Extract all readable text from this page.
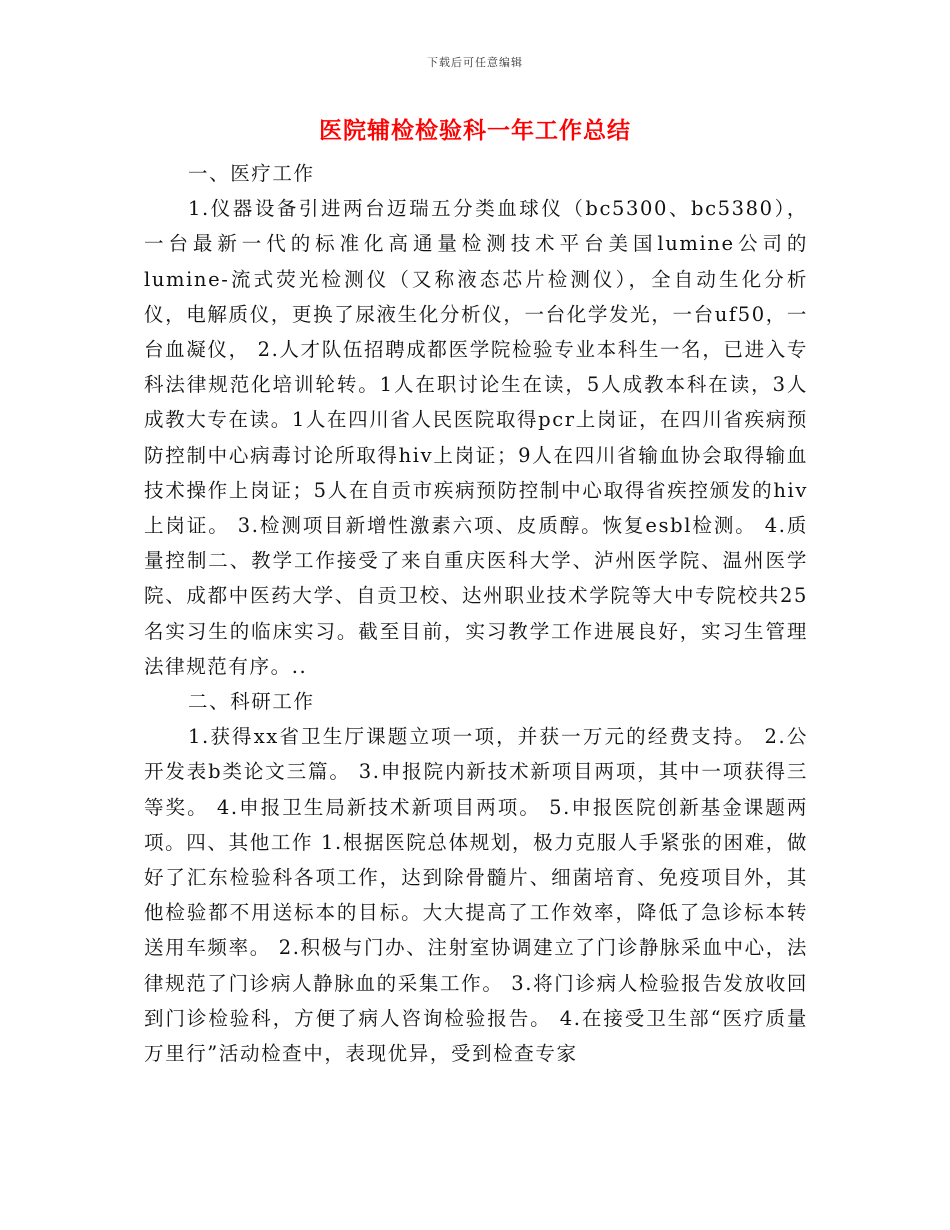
下载后可任意编辑
医院辅检检验科一年工作总结

一、医疗工作

1.仪器设备引进两台迈瑞五分类血球仪（bc5300、bc5380），一台最新一代的标准化高通量检测技术平台美国lumine公司的lumine-流式荧光检测仪（又称液态芯片检测仪），全自动生化分析仪，电解质仪，更换了尿液生化分析仪，一台化学发光，一台uf50，一台血凝仪， 2.人才队伍招聘成都医学院检验专业本科生一名，已进入专科法律规范化培训轮转。1人在职讨论生在读，5人成教本科在读，3人成教大专在读。1人在四川省人民医院取得pcr上岗证，在四川省疾病预防控制中心病毒讨论所取得hiv上岗证；9人在四川省输血协会取得输血技术操作上岗证；5人在自贡市疾病预防控制中心取得省疾控颁发的hiv上岗证。 3.检测项目新增性激素六项、皮质醇。恢复esbl检测。 4.质量控制二、教学工作接受了来自重庆医科大学、泸州医学院、温州医学院、成都中医药大学、自贡卫校、达州职业技术学院等大中专院校共25名实习生的临床实习。截至目前，实习教学工作进展良好，实习生管理法律规范有序。..

二、科研工作

1.获得xx省卫生厅课题立项一项，并获一万元的经费支持。 2.公开发表b类论文三篇。 3.申报院内新技术新项目两项，其中一项获得三等奖。 4.申报卫生局新技术新项目两项。 5.申报医院创新基金课题两项。四、其他工作 1.根据医院总体规划，极力克服人手紧张的困难，做好了汇东检验科各项工作，达到除骨髓片、细菌培育、免疫项目外，其他检验都不用送标本的目标。大大提高了工作效率，降低了急诊标本转送用车频率。 2.积极与门办、注射室协调建立了门诊静脉采血中心，法律规范了门诊病人静脉血的采集工作。 3.将门诊病人检验报告发放收回到门诊检验科，方便了病人咨询检验报告。 4.在接受卫生部“医疗质量万里行”活动检查中，表现优异，受到检查专家
